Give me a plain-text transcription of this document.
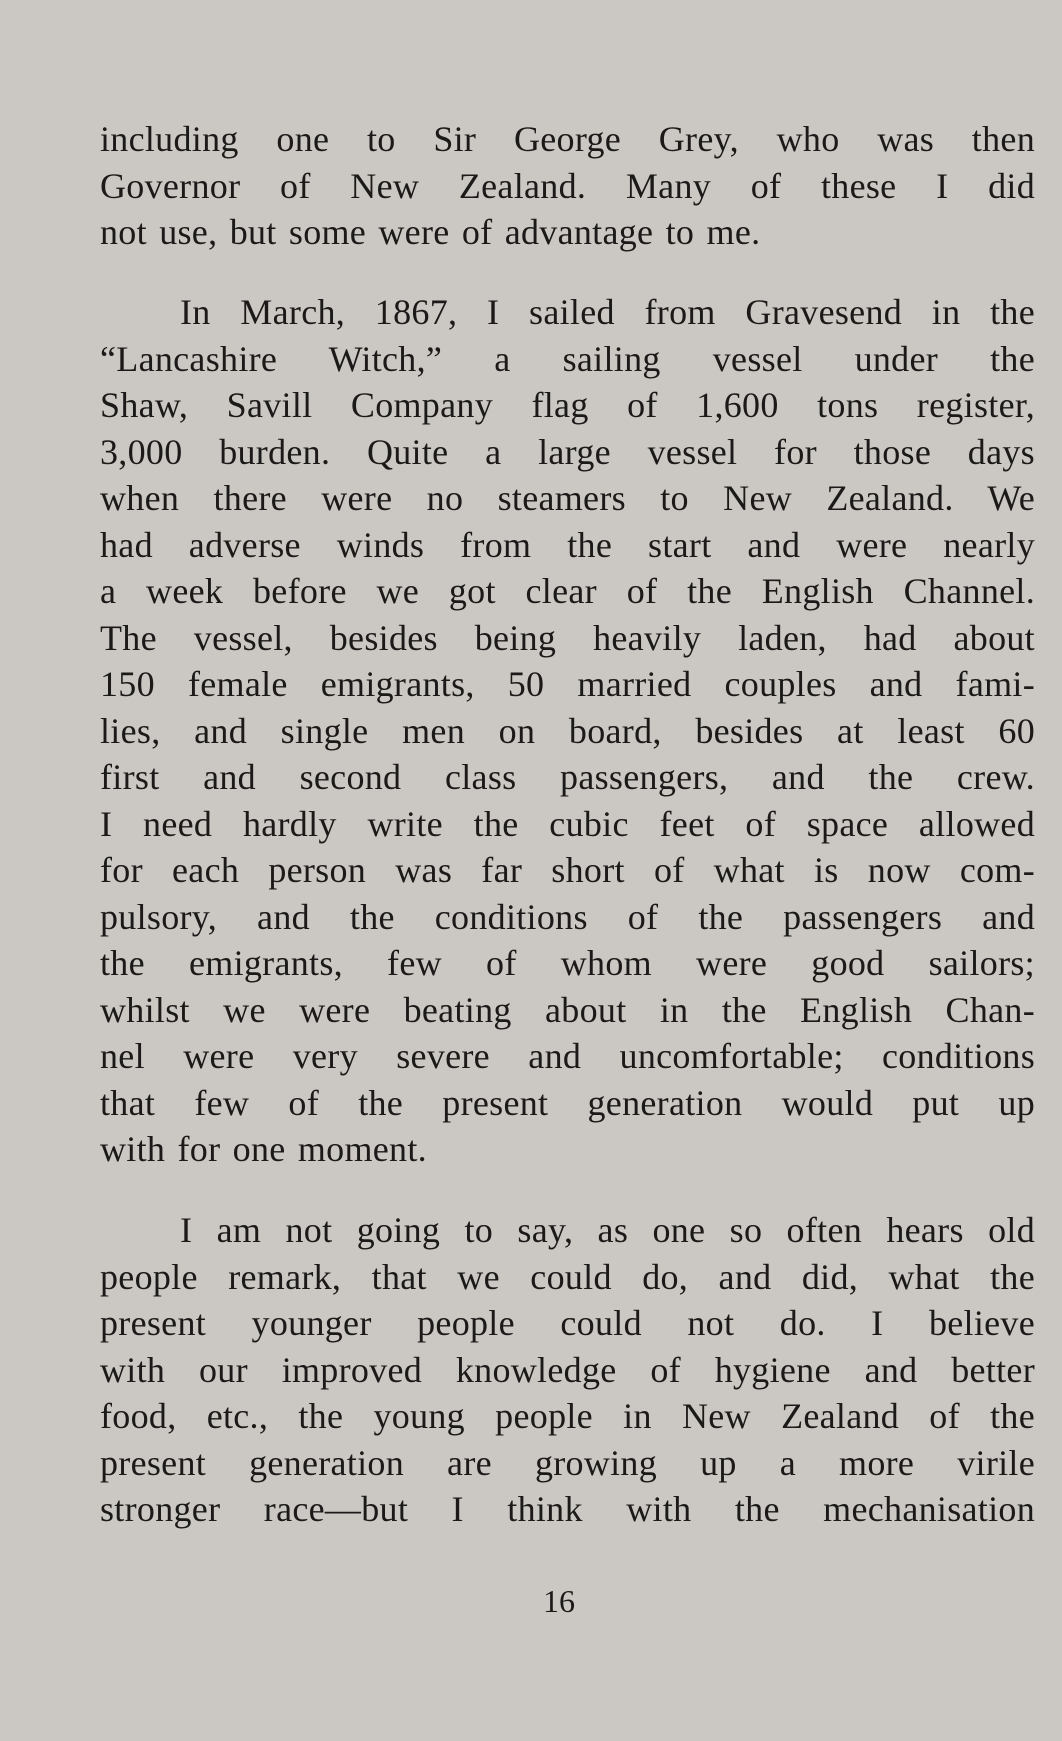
including one to Sir George Grey, who was then
Governor of New Zealand. Many of these I did
not use, but some were of advantage to me.
In March, 1867, I sailed from Gravesend in the
“Lancashire Witch,” a sailing vessel under the
Shaw, Savill Company flag of 1,600 tons register,
3,000 burden. Quite a large vessel for those days
when there were no steamers to New Zealand. We
had adverse winds from the start and were nearly
a week before we got clear of the English Channel.
The vessel, besides being heavily laden, had about
150 female emigrants, 50 married couples and fami-
lies, and single men on board, besides at least 60
first and second class passengers, and the crew.
I need hardly write the cubic feet of space allowed
for each person was far short of what is now com-
pulsory, and the conditions of the passengers and
the emigrants, few of whom were good sailors;
whilst we were beating about in the English Chan-
nel were very severe and uncomfortable; conditions
that few of the present generation would put up
with for one moment.
I am not going to say, as one so often hears old
people remark, that we could do, and did, what the
present younger people could not do. I believe
with our improved knowledge of hygiene and better
food, etc., the young people in New Zealand of the
present generation are growing up a more virile
stronger race—but I think with the mechanisation
16
